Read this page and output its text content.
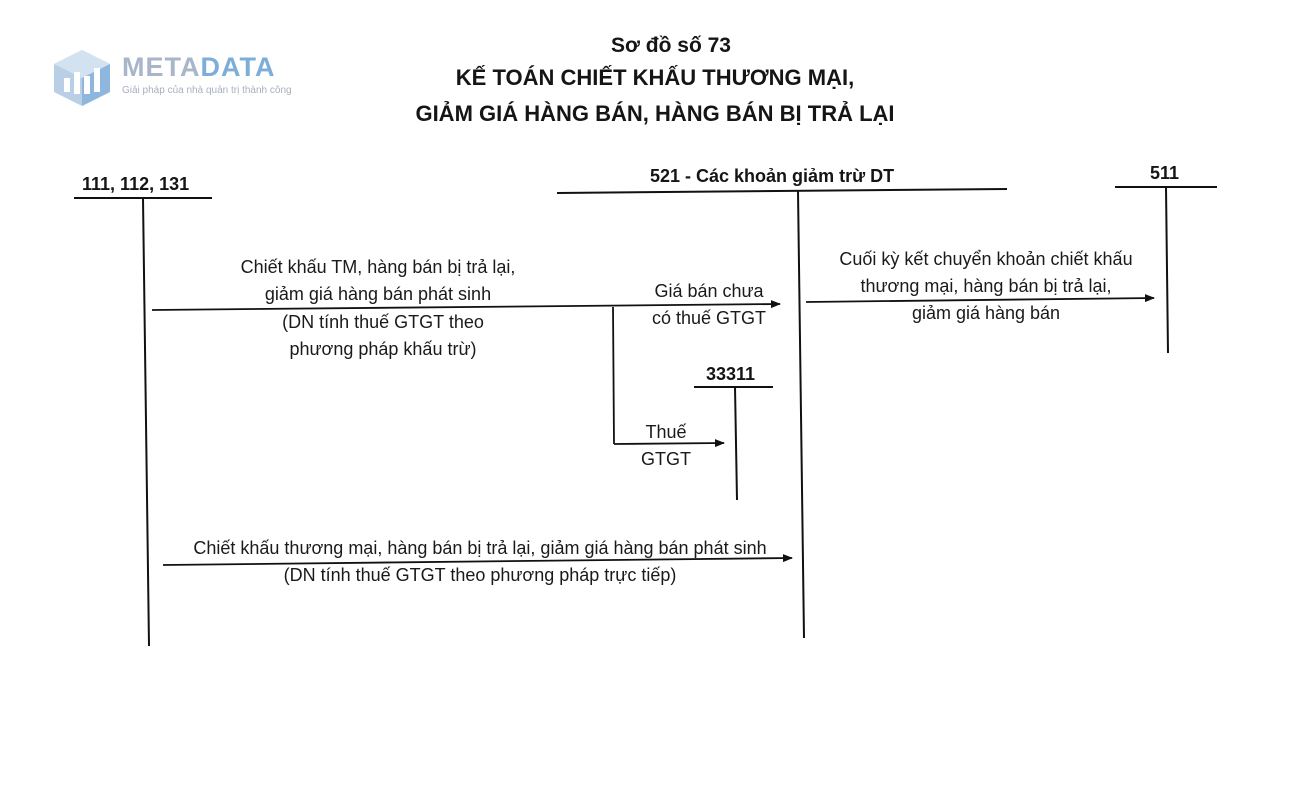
METADATA
Giải pháp của nhà quản trị thành công
Sơ đồ số 73
KẾ TOÁN CHIẾT KHẤU THƯƠNG MẠI,
GIẢM GIÁ HÀNG BÁN, HÀNG BÁN BỊ TRẢ LẠI
111, 112, 131	521 - Các khoản giảm trừ DT	511
33311
Chiết khấu TM, hàng bán bị trả lại,
giảm giá hàng bán phát sinh
(DN tính thuế GTGT theo
phương pháp khấu trừ)
Giá bán chưa
có thuế GTGT
Thuế
GTGT
Cuối kỳ kết chuyển khoản chiết khấu
thương mại, hàng bán bị trả lại,
giảm giá hàng bán
Chiết khấu thương mại, hàng bán bị trả lại, giảm giá hàng bán phát sinh
(DN tính thuế GTGT theo phương pháp trực tiếp)
